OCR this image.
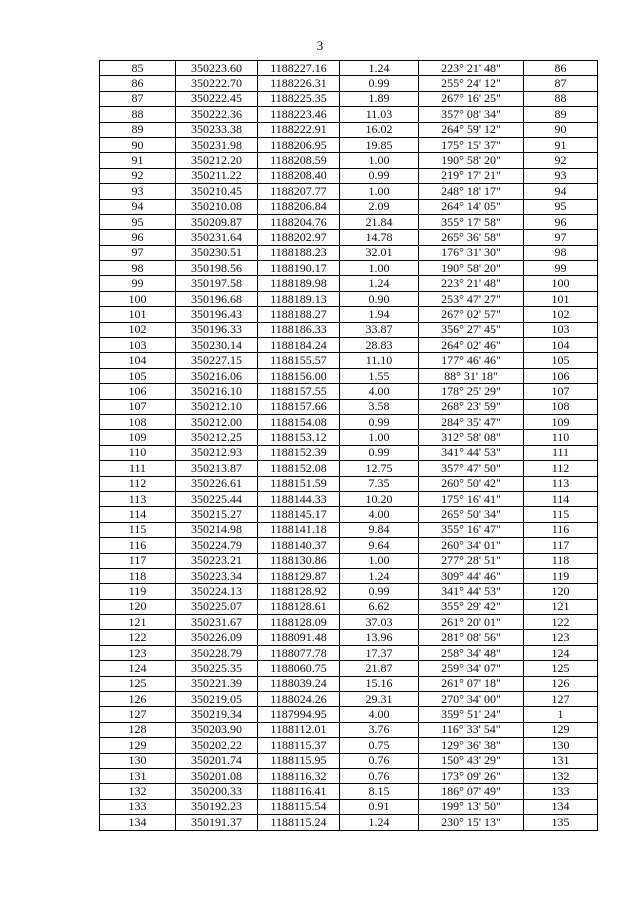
3
85	350223.60	1188227.16	1.24	223° 21' 48"	86
86	350222.70	1188226.31	0.99	255° 24' 12"	87
87	350222.45	1188225.35	1.89	267° 16' 25"	88
88	350222.36	1188223.46	11.03	357° 08' 34"	89
89	350233.38	1188222.91	16.02	264° 59' 12"	90
90	350231.98	1188206.95	19.85	175° 15' 37"	91
91	350212.20	1188208.59	1.00	190° 58' 20"	92
92	350211.22	1188208.40	0.99	219° 17' 21"	93
93	350210.45	1188207.77	1.00	248° 18' 17"	94
94	350210.08	1188206.84	2.09	264° 14' 05"	95
95	350209.87	1188204.76	21.84	355° 17' 58"	96
96	350231.64	1188202.97	14.78	265° 36' 58"	97
97	350230.51	1188188.23	32.01	176° 31' 30"	98
98	350198.56	1188190.17	1.00	190° 58' 20"	99
99	350197.58	1188189.98	1.24	223° 21' 48"	100
100	350196.68	1188189.13	0.90	253° 47' 27"	101
101	350196.43	1188188.27	1.94	267° 02' 57"	102
102	350196.33	1188186.33	33.87	356° 27' 45"	103
103	350230.14	1188184.24	28.83	264° 02' 46"	104
104	350227.15	1188155.57	11.10	177° 46' 46"	105
105	350216.06	1188156.00	1.55	88° 31' 18"	106
106	350216.10	1188157.55	4.00	178° 25' 29"	107
107	350212.10	1188157.66	3.58	268° 23' 59"	108
108	350212.00	1188154.08	0.99	284° 35' 47"	109
109	350212.25	1188153.12	1.00	312° 58' 08"	110
110	350212.93	1188152.39	0.99	341° 44' 53"	111
111	350213.87	1188152.08	12.75	357° 47' 50"	112
112	350226.61	1188151.59	7.35	260° 50' 42"	113
113	350225.44	1188144.33	10.20	175° 16' 41"	114
114	350215.27	1188145.17	4.00	265° 50' 34"	115
115	350214.98	1188141.18	9.84	355° 16' 47"	116
116	350224.79	1188140.37	9.64	260° 34' 01"	117
117	350223.21	1188130.86	1.00	277° 28' 51"	118
118	350223.34	1188129.87	1.24	309° 44' 46"	119
119	350224.13	1188128.92	0.99	341° 44' 53"	120
120	350225.07	1188128.61	6.62	355° 29' 42"	121
121	350231.67	1188128.09	37.03	261° 20' 01"	122
122	350226.09	1188091.48	13.96	281° 08' 56"	123
123	350228.79	1188077.78	17.37	258° 34' 48"	124
124	350225.35	1188060.75	21.87	259° 34' 07"	125
125	350221.39	1188039.24	15.16	261° 07' 18"	126
126	350219.05	1188024.26	29.31	270° 34' 00"	127
127	350219.34	1187994.95	4.00	359° 51' 24"	1
128	350203.90	1188112.01	3.76	116° 33' 54"	129
129	350202.22	1188115.37	0.75	129° 36' 38"	130
130	350201.74	1188115.95	0.76	150° 43' 29"	131
131	350201.08	1188116.32	0.76	173° 09' 26"	132
132	350200.33	1188116.41	8.15	186° 07' 49"	133
133	350192.23	1188115.54	0.91	199° 13' 50"	134
134	350191.37	1188115.24	1.24	230° 15' 13"	135
